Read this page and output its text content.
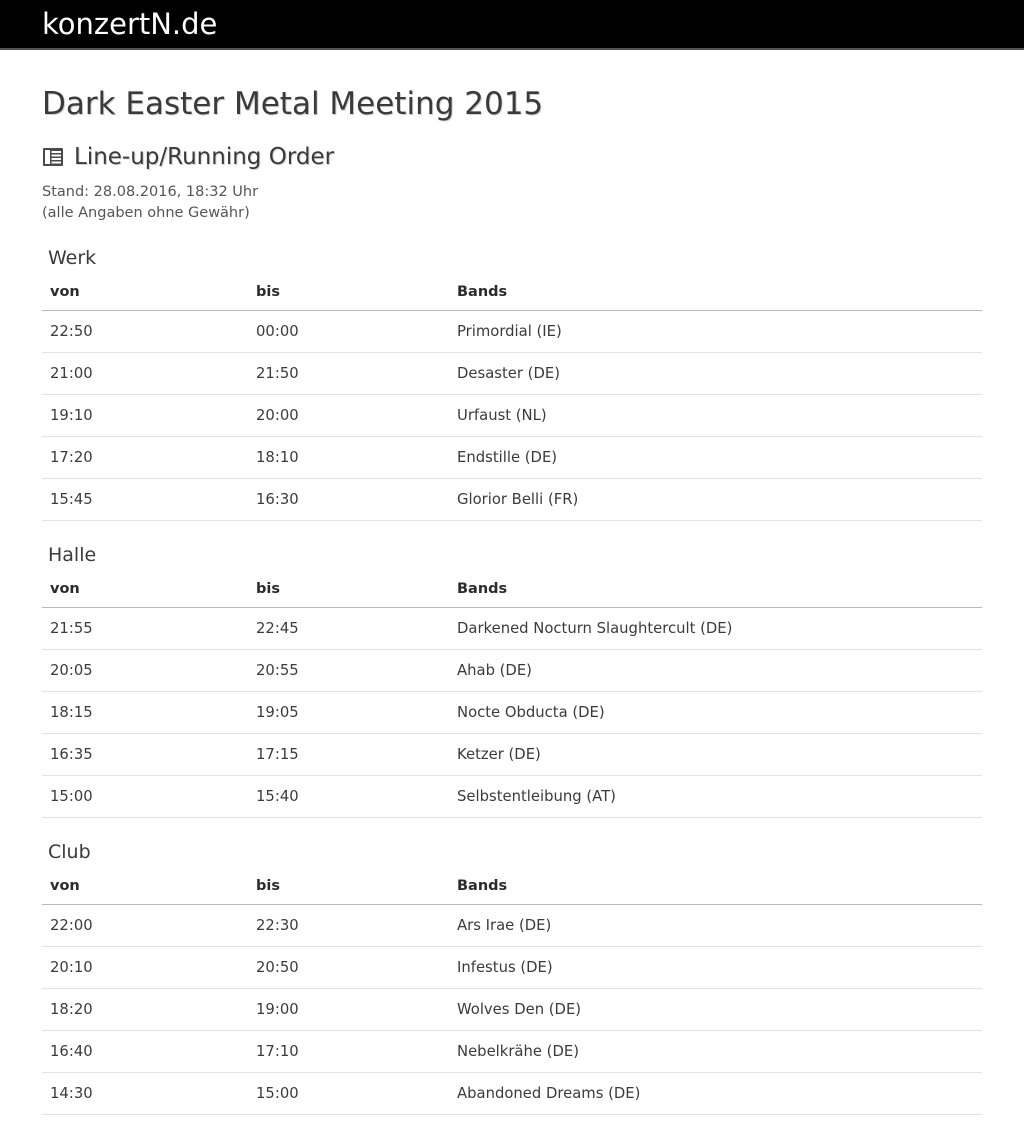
konzertN.de
Dark Easter Metal Meeting 2015
Line-up/Running Order
Stand: 28.08.2016, 18:32 Uhr
(alle Angaben ohne Gewähr)
Werk
von	bis	Bands
22:50	00:00	Primordial (IE)
21:00	21:50	Desaster (DE)
19:10	20:00	Urfaust (NL)
17:20	18:10	Endstille (DE)
15:45	16:30	Glorior Belli (FR)
Halle
von	bis	Bands
21:55	22:45	Darkened Nocturn Slaughtercult (DE)
20:05	20:55	Ahab (DE)
18:15	19:05	Nocte Obducta (DE)
16:35	17:15	Ketzer (DE)
15:00	15:40	Selbstentleibung (AT)
Club
von	bis	Bands
22:00	22:30	Ars Irae (DE)
20:10	20:50	Infestus (DE)
18:20	19:00	Wolves Den (DE)
16:40	17:10	Nebelkrähe (DE)
14:30	15:00	Abandoned Dreams (DE)
